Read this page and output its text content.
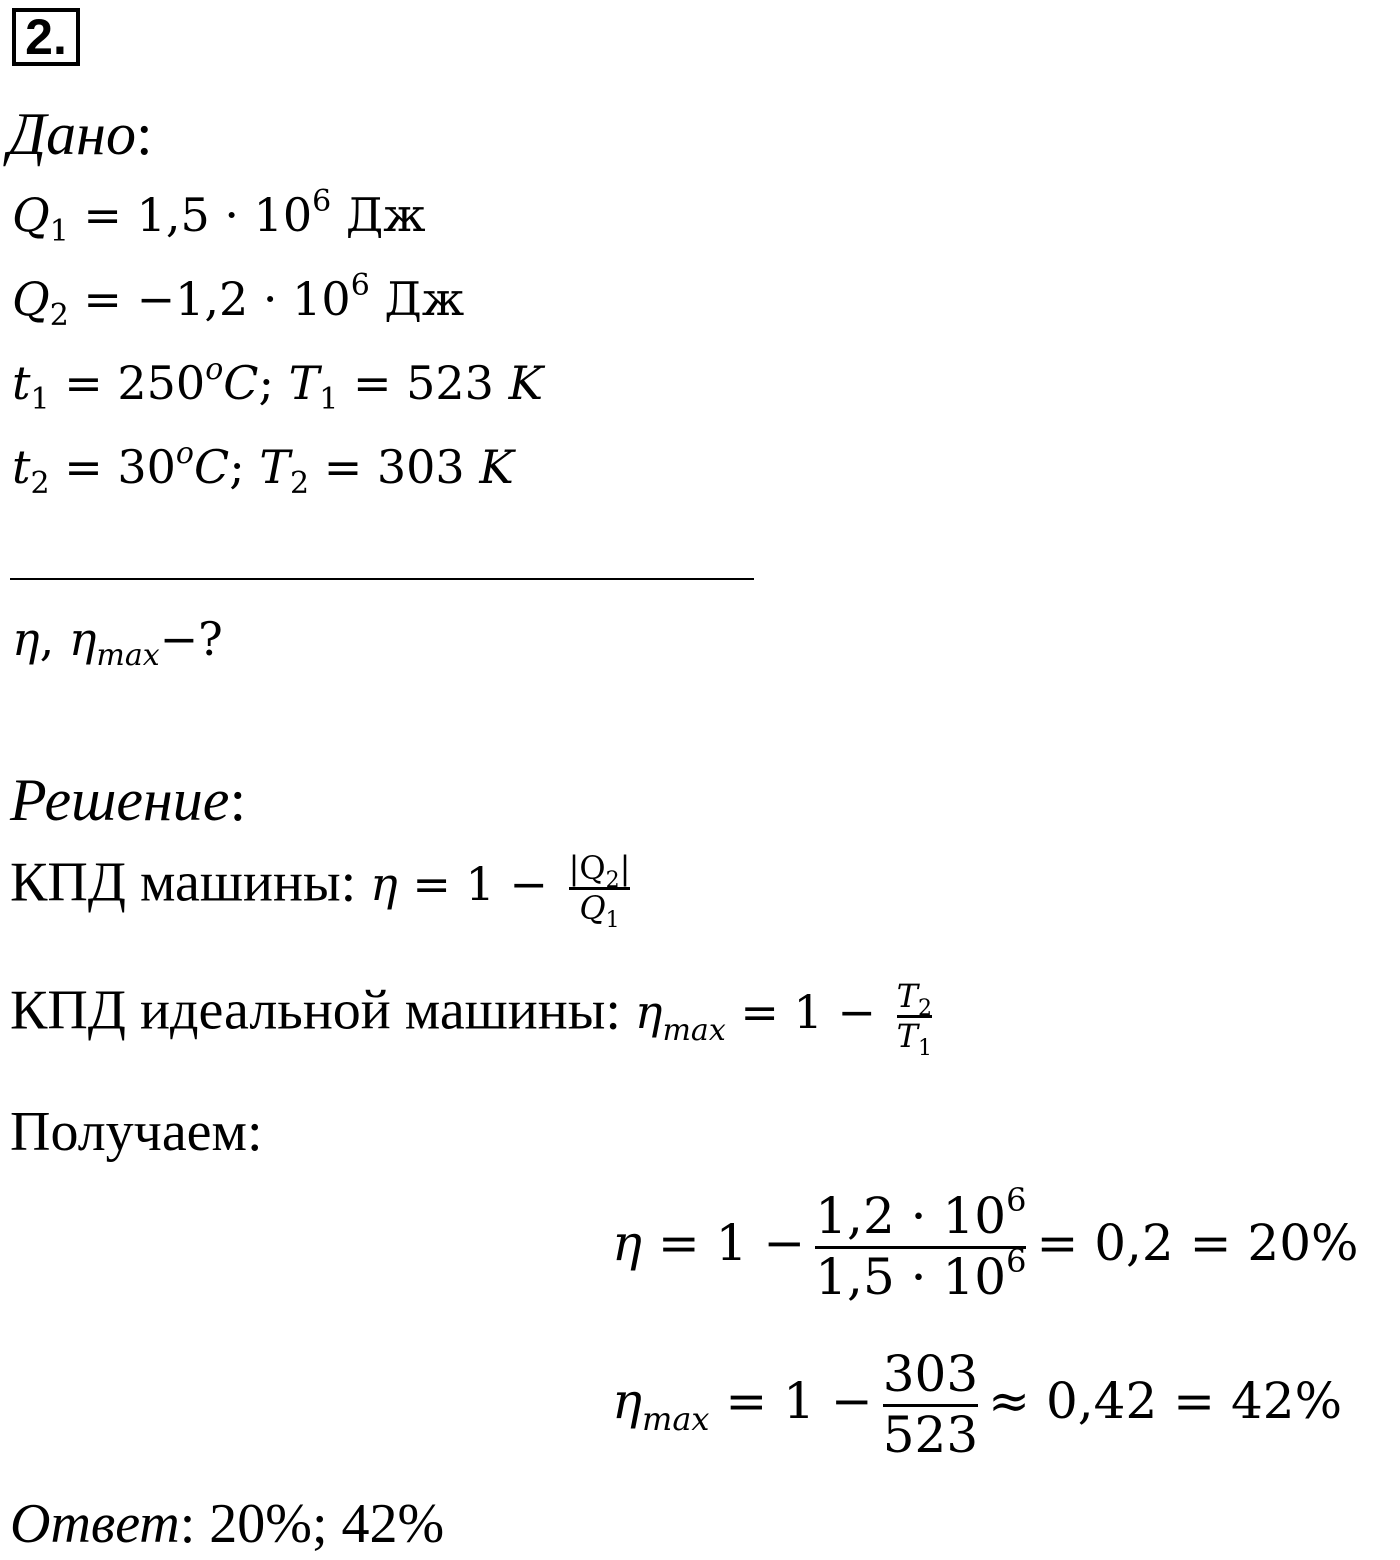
2.
Дано:
$Q_1 = 1,5 \cdot 10^6$ Дж
$Q_2 = -1,2 \cdot 10^6$ Дж
$t_1 = 250^oC$; $T_1 = 523$ K
$t_2 = 30^oC$; $T_2 = 303$ K
η, $\eta_{max}-$?
Решение:
КПД машины: $\eta = 1 - \frac{|Q_2|}{Q_1}$
КПД идеальной машины: $\eta_{max} = 1 - \frac{T_2}{T_1}$
Получаем:
$\eta = 1 - \frac{1,2 \cdot 10^6}{1,5 \cdot 10^6} = 0,2 = 20\%$
$\eta_{max} = 1 - \frac{303}{523} \approx 0,42 = 42\%$
Ответ: 20%; 42%
